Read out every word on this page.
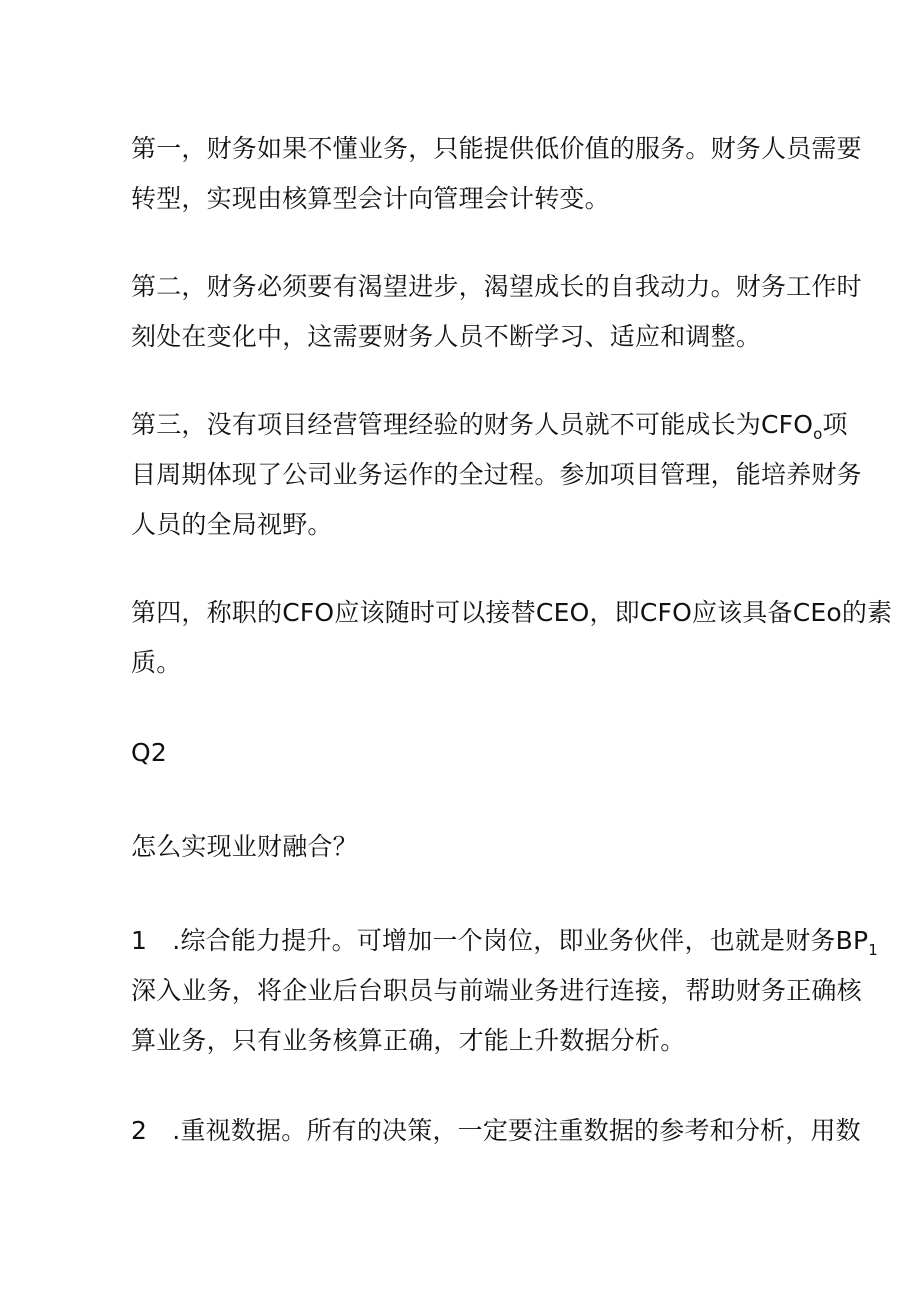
第一，财务如果不懂业务，只能提供低价值的服务。财务人员需要
转型，实现由核算型会计向管理会计转变。

第二，财务必须要有渴望进步，渴望成长的自我动力。财务工作时
刻处在变化中，这需要财务人员不断学习、适应和调整。

第三，没有项目经营管理经验的财务人员就不可能成长为$CFO_o$项
目周期体现了公司业务运作的全过程。参加项目管理，能培养财务
人员的全局视野。

第四，称职的CFO应该随时可以接替CEO，即CFO应该具备CEo的素
质。

Q2

怎么实现业财融合？

1　.综合能力提升。可增加一个岗位，即业务伙伴，也就是财务$BP_1$
深入业务，将企业后台职员与前端业务进行连接，帮助财务正确核
算业务，只有业务核算正确，才能上升数据分析。

2　.重视数据。所有的决策，一定要注重数据的参考和分析，用数
